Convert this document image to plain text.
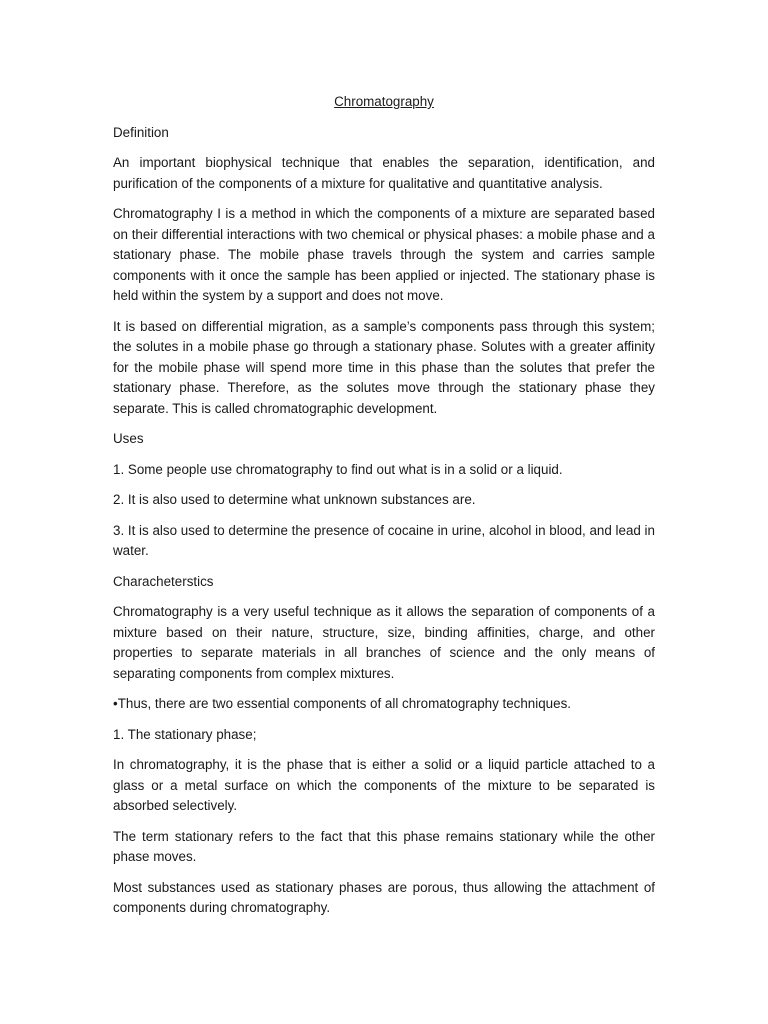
Chromatography
Definition

An important biophysical technique that enables the separation, identification, and purification of the components of a mixture for qualitative and quantitative analysis.

Chromatography I is a method in which the components of a mixture are separated based on their differential interactions with two chemical or physical phases: a mobile phase and a stationary phase. The mobile phase travels through the system and carries sample components with it once the sample has been applied or injected. The stationary phase is held within the system by a support and does not move.

It is based on differential migration, as a sample’s components pass through this system; the solutes in a mobile phase go through a stationary phase. Solutes with a greater affinity for the mobile phase will spend more time in this phase than the solutes that prefer the stationary phase. Therefore, as the solutes move through the stationary phase they separate. This is called chromatographic development.

Uses

1. Some people use chromatography to find out what is in a solid or a liquid.

2. It is also used to determine what unknown substances are.

3. It is also used to determine the presence of cocaine in urine, alcohol in blood, and lead in water.

Characheterstics

Chromatography is a very useful technique as it allows the separation of components of a mixture based on their nature, structure, size, binding affinities, charge, and other properties to separate materials in all branches of science and the only means of separating components from complex mixtures.

•Thus, there are two essential components of all chromatography techniques.

1. The stationary phase;

In chromatography, it is the phase that is either a solid or a liquid particle attached to a glass or a metal surface on which the components of the mixture to be separated is absorbed selectively.

The term stationary refers to the fact that this phase remains stationary while the other phase moves.

Most substances used as stationary phases are porous, thus allowing the attachment of components during chromatography.
